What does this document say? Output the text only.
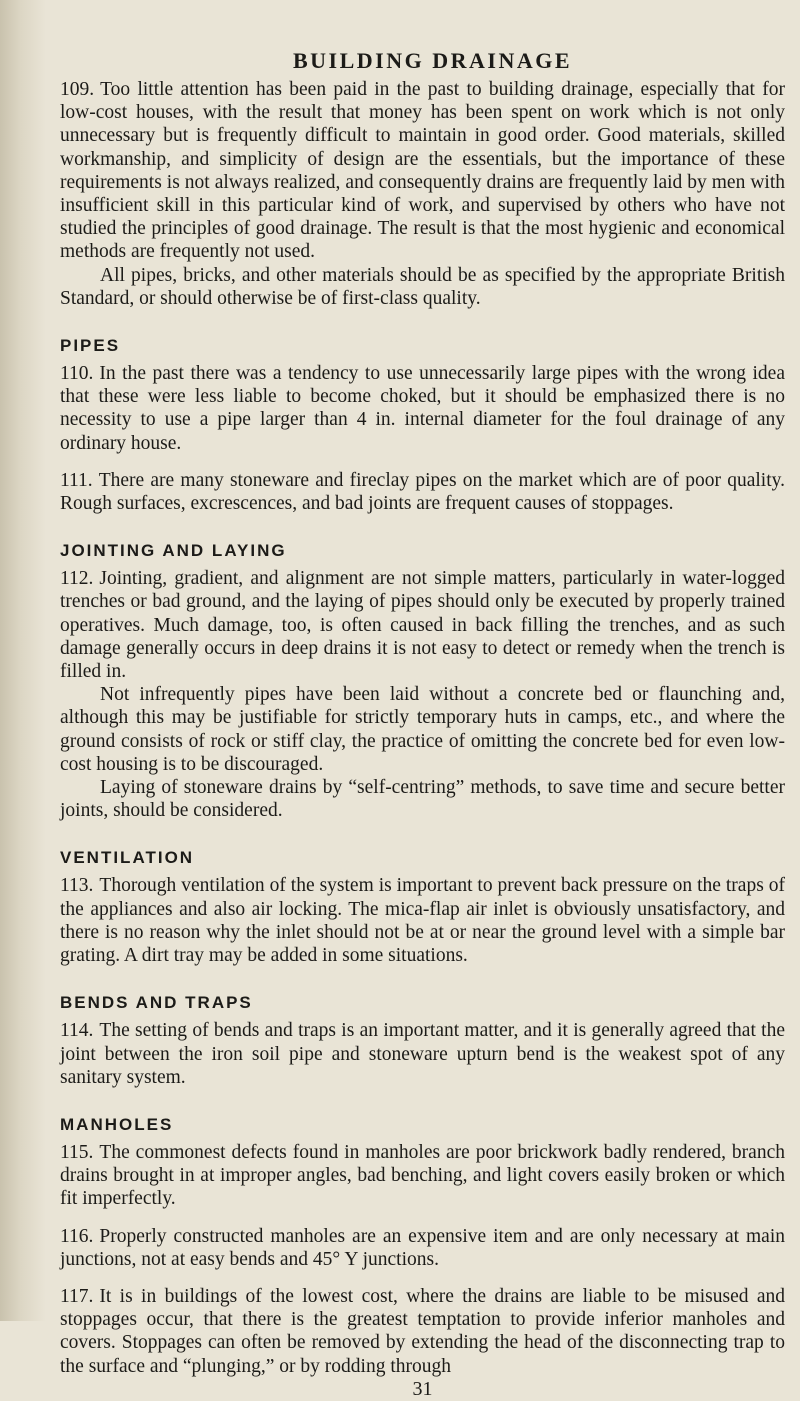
BUILDING DRAINAGE

109. Too little attention has been paid in the past to building drainage, especially that for low-cost houses, with the result that money has been spent on work which is not only unnecessary but is frequently difficult to maintain in good order. Good materials, skilled workmanship, and simplicity of design are the essentials, but the importance of these requirements is not always realized, and consequently drains are frequently laid by men with insufficient skill in this particular kind of work, and supervised by others who have not studied the principles of good drainage. The result is that the most hygienic and economical methods are frequently not used.

All pipes, bricks, and other materials should be as specified by the appropriate British Standard, or should otherwise be of first-class quality.

PIPES

110. In the past there was a tendency to use unnecessarily large pipes with the wrong idea that these were less liable to become choked, but it should be emphasized there is no necessity to use a pipe larger than 4 in. internal diameter for the foul drainage of any ordinary house.

111. There are many stoneware and fireclay pipes on the market which are of poor quality. Rough surfaces, excrescences, and bad joints are frequent causes of stoppages.

JOINTING AND LAYING

112. Jointing, gradient, and alignment are not simple matters, particularly in water-logged trenches or bad ground, and the laying of pipes should only be executed by properly trained operatives. Much damage, too, is often caused in back filling the trenches, and as such damage generally occurs in deep drains it is not easy to detect or remedy when the trench is filled in.

Not infrequently pipes have been laid without a concrete bed or flaunching and, although this may be justifiable for strictly temporary huts in camps, etc., and where the ground consists of rock or stiff clay, the practice of omitting the concrete bed for even low-cost housing is to be discouraged.

Laying of stoneware drains by “self-centring” methods, to save time and secure better joints, should be considered.

VENTILATION

113. Thorough ventilation of the system is important to prevent back pressure on the traps of the appliances and also air locking. The mica-flap air inlet is obviously unsatisfactory, and there is no reason why the inlet should not be at or near the ground level with a simple bar grating. A dirt tray may be added in some situations.

BENDS AND TRAPS

114. The setting of bends and traps is an important matter, and it is generally agreed that the joint between the iron soil pipe and stoneware upturn bend is the weakest spot of any sanitary system.

MANHOLES

115. The commonest defects found in manholes are poor brickwork badly rendered, branch drains brought in at improper angles, bad benching, and light covers easily broken or which fit imperfectly.

116. Properly constructed manholes are an expensive item and are only necessary at main junctions, not at easy bends and 45° Y junctions.

117. It is in buildings of the lowest cost, where the drains are liable to be misused and stoppages occur, that there is the greatest temptation to provide inferior manholes and covers. Stoppages can often be removed by extending the head of the disconnecting trap to the surface and “plunging,” or by rodding through

31
